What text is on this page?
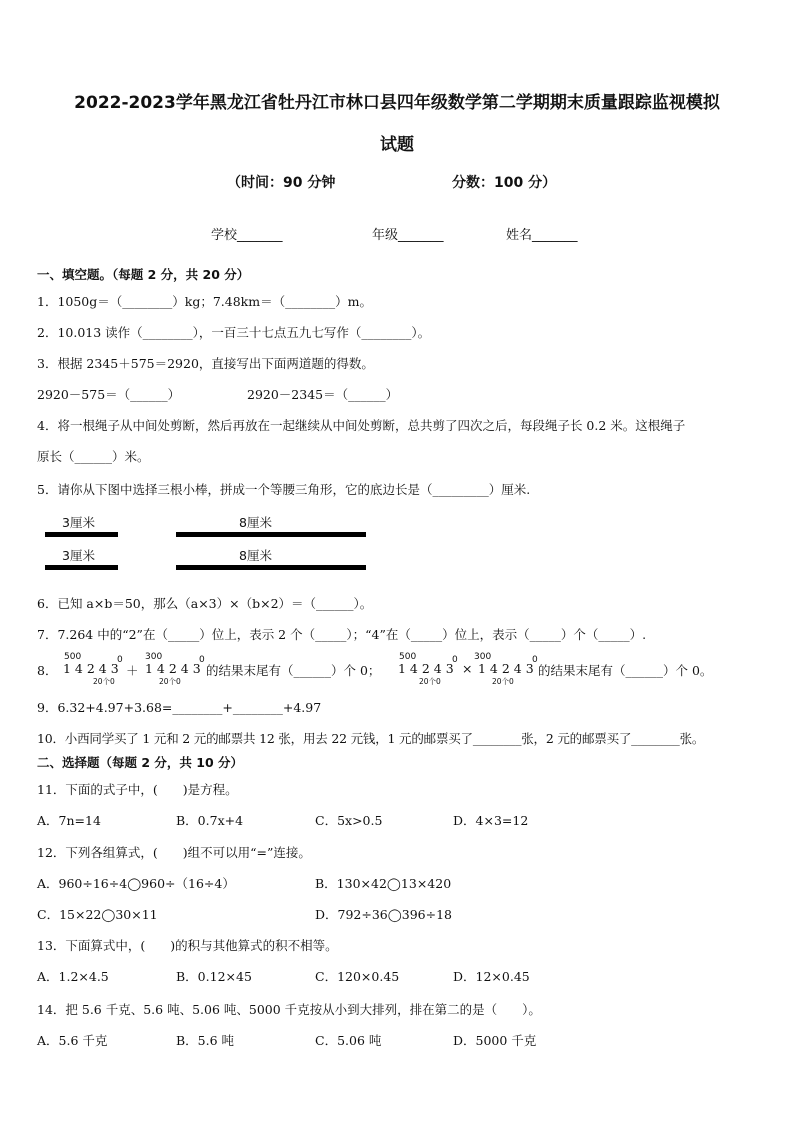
2022-2023学年黑龙江省牡丹江市林口县四年级数学第二学期期末质量跟踪监视模拟
试题
（时间：90 分钟	分数：100 分）
学校_______	年级_______	姓名_______
一、填空题。（每题 2 分，共 20 分）
1．1050g＝（________）kg；7.48km＝（________）m。
2．10.013 读作（________），一百三十七点五九七写作（________）。
3．根据 2345＋575＝2920，直接写出下面两道题的得数。
2920－575＝（______）	2920－2345＝（______）
4．将一根绳子从中间处剪断，然后再放在一起继续从中间处剪断，总共剪了四次之后，每段绳子长 0.2 米。这根绳子
原长（______）米。
5．请你从下图中选择三根小棒，拼成一个等腰三角形，它的底边长是（_________）厘米.
3厘米	8厘米
3厘米	8厘米
6．已知 a×b＝50，那么（a×3）×（b×2）＝（______）。
7．7.264 中的“2”在（_____）位上，表示 2 个（_____）；“4”在（_____）位上，表示（_____）个（_____）.
8．
500
1 4 2 4 3
0
20个0
＋
300
1 4 2 4 3
0
20个0
的结果末尾有（______）个 0；
500
1 4 2 4 3
0
20个0
×
300
1 4 2 4 3
0
20个0
的结果末尾有（______）个 0。
9．6.32+4.97+3.68=________+________+4.97
10．小西同学买了 1 元和 2 元的邮票共 12 张，用去 22 元钱，1 元的邮票买了________张，2 元的邮票买了________张。
二、选择题（每题 2 分，共 10 分）
11．下面的式子中，(　　)是方程。
A．7n=14	B．0.7x+4	C．5x>0.5	D．4×3=12
12．下列各组算式，(　　)组不可以用“=”连接。
A．960÷16÷4◯960÷（16÷4）	B．130×42◯13×420
C．15×22◯30×11	D．792÷36◯396÷18
13．下面算式中，(　　)的积与其他算式的积不相等。
A．1.2×4.5	B．0.12×45	C．120×0.45	D．12×0.45
14．把 5.6 千克、5.6 吨、5.06 吨、5000 千克按从小到大排列，排在第二的是（　　）。
A．5.6 千克	B．5.6 吨	C．5.06 吨	D．5000 千克
